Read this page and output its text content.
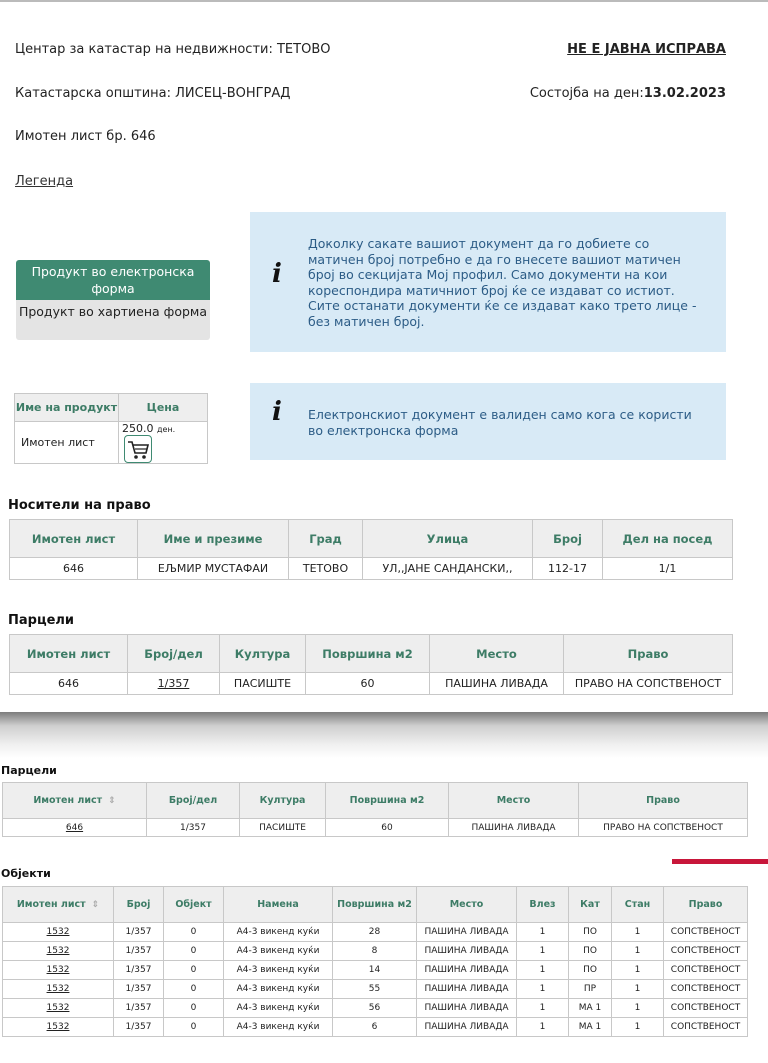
Центар за катастар на недвижности: ТЕТОВО	НЕ Е ЈАВНА ИСПРАВА
Катастарска општина: ЛИСЕЦ-ВОНГРАД	Состојба на ден:13.02.2023
Имотен лист бр. 646
Легенда
Продукт во електронска форма
Продукт во хартиена форма
i
Доколку сакате вашиот документ да го добиете со матичен број потребно е да го внесете вашиот матичен број во секцијата Мој профил. Само документи на кои кореспондира матичниот број ќе се издават со истиот. Сите останати документи ќе се издават како трето лице - без матичен број.
Име на продукт	Цена
Имотен лист	250.0 ден.
i Електронскиот документ е валиден само кога се користи во електронска форма
Носители на право
Имотен лист	Име и презиме	Град	Улица	Број	Дел на посед
646	ЕЉМИР МУСТАФАИ	ТЕТОВО	УЛ,,ЈАНЕ САНДАНСКИ,,	112-17	1/1
Парцели
Имотен лист	Број/дел	Култура	Површина м2	Место	Право
646	1/357	ПАСИШТЕ	60	ПАШИНА ЛИВАДА	ПРАВО НА СОПСТВЕНОСТ
Парцели
Имотен лист ⇕	Број/дел	Култура	Површина м2	Место	Право
646	1/357	ПАСИШТЕ	60	ПАШИНА ЛИВАДА	ПРАВО НА СОПСТВЕНОСТ
Објекти
Имотен лист ⇕	Број	Објект	Намена	Површина м2	Место	Влез	Кат	Стан	Право
1532	1/357	0	А4-3 викенд куќи	28	ПАШИНА ЛИВАДА	1	ПО	1	СОПСТВЕНОСТ
1532	1/357	0	А4-3 викенд куќи	8	ПАШИНА ЛИВАДА	1	ПО	1	СОПСТВЕНОСТ
1532	1/357	0	А4-3 викенд куќи	14	ПАШИНА ЛИВАДА	1	ПО	1	СОПСТВЕНОСТ
1532	1/357	0	А4-3 викенд куќи	55	ПАШИНА ЛИВАДА	1	ПР	1	СОПСТВЕНОСТ
1532	1/357	0	А4-3 викенд куќи	56	ПАШИНА ЛИВАДА	1	МА 1	1	СОПСТВЕНОСТ
1532	1/357	0	А4-3 викенд куќи	6	ПАШИНА ЛИВАДА	1	МА 1	1	СОПСТВЕНОСТ
